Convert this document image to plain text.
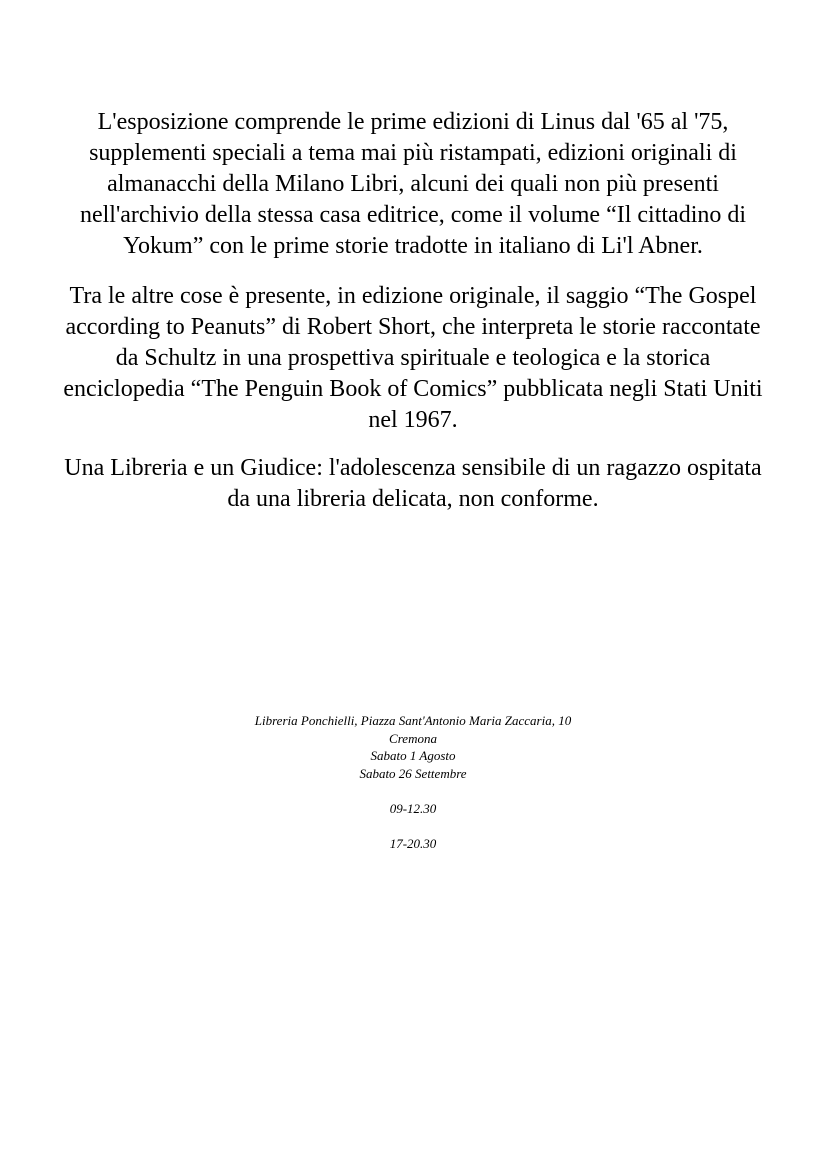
L'esposizione comprende le prime edizioni di Linus dal '65 al '75, supplementi speciali a tema mai più ristampati, edizioni originali di almanacchi della Milano Libri, alcuni dei quali non più presenti nell'archivio della stessa casa editrice, come il volume “Il cittadino di Yokum” con le prime storie tradotte in italiano di Li'l Abner.

Tra le altre cose è presente, in edizione originale, il saggio “The Gospel according to Peanuts” di Robert Short, che interpreta le storie raccontate da Schultz in una prospettiva spirituale e teologica e la storica enciclopedia “The Penguin Book of Comics” pubblicata negli Stati Uniti nel 1967.

Una Libreria e un Giudice: l'adolescenza sensibile di un ragazzo ospitata da una libreria delicata, non conforme.

Libreria Ponchielli, Piazza Sant'Antonio Maria Zaccaria, 10
Cremona
Sabato 1 Agosto
Sabato 26 Settembre
09-12.30
17-20.30
